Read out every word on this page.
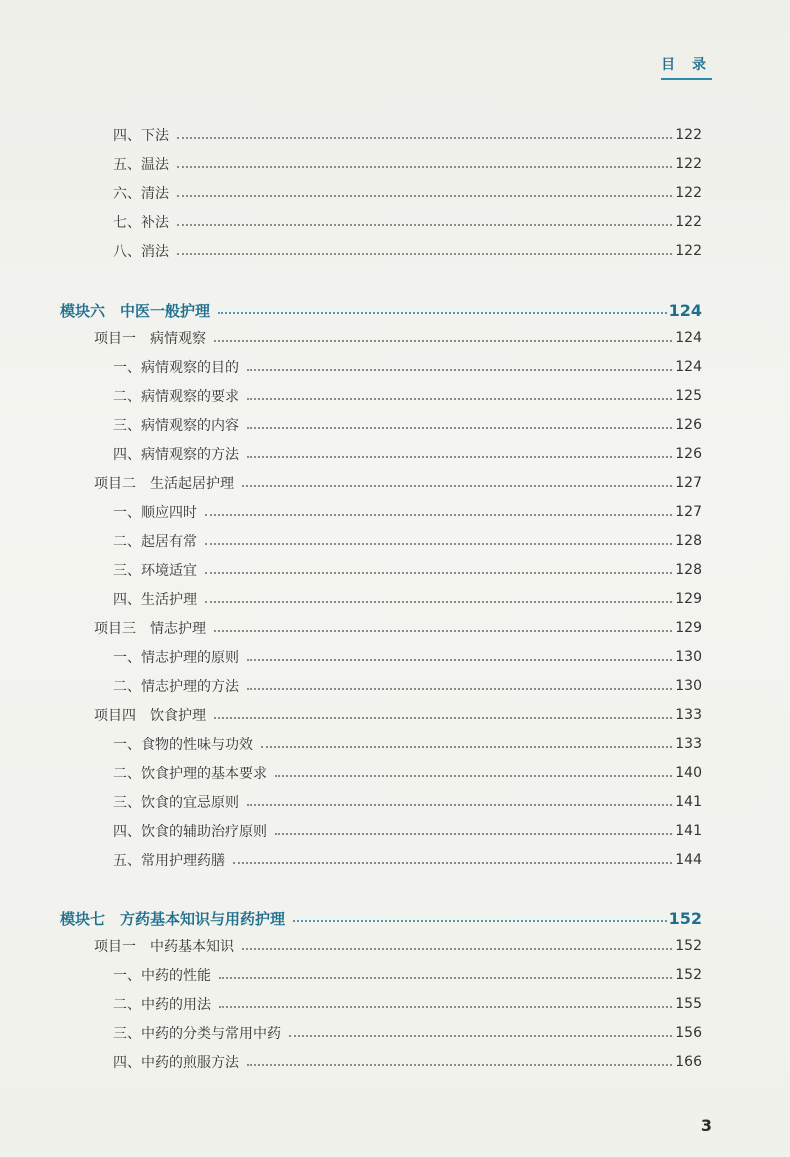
目 录
四、下法	122
五、温法	122
六、清法	122
七、补法	122
八、消法	122
模块六　中医一般护理	124
项目一　病情观察	124
一、病情观察的目的	124
二、病情观察的要求	125
三、病情观察的内容	126
四、病情观察的方法	126
项目二　生活起居护理	127
一、顺应四时	127
二、起居有常	128
三、环境适宜	128
四、生活护理	129
项目三　情志护理	129
一、情志护理的原则	130
二、情志护理的方法	130
项目四　饮食护理	133
一、食物的性味与功效	133
二、饮食护理的基本要求	140
三、饮食的宜忌原则	141
四、饮食的辅助治疗原则	141
五、常用护理药膳	144
模块七　方药基本知识与用药护理	152
项目一　中药基本知识	152
一、中药的性能	152
二、中药的用法	155
三、中药的分类与常用中药	156
四、中药的煎服方法	166
3
